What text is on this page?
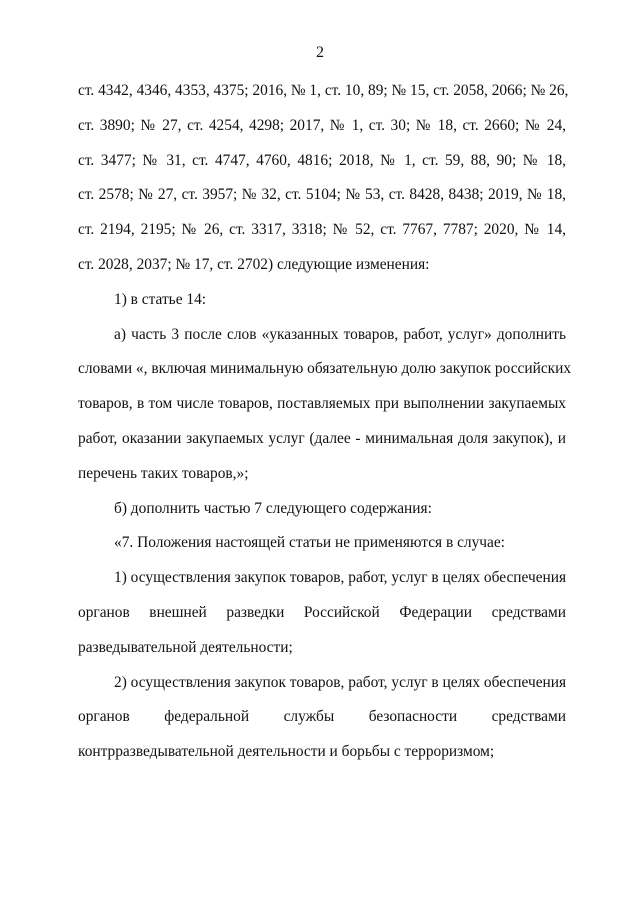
2
ст. 4342, 4346, 4353, 4375; 2016, № 1, ст. 10, 89; № 15, ст. 2058, 2066; № 26,
ст. 3890; № 27, ст. 4254, 4298; 2017, № 1, ст. 30; № 18, ст. 2660; № 24,
ст. 3477; № 31, ст. 4747, 4760, 4816; 2018, № 1, ст. 59, 88, 90; № 18,
ст. 2578; № 27, ст. 3957; № 32, ст. 5104; № 53, ст. 8428, 8438; 2019, № 18,
ст. 2194, 2195; № 26, ст. 3317, 3318; № 52, ст. 7767, 7787; 2020, № 14,
ст. 2028, 2037; № 17, ст. 2702) следующие изменения:
1) в статье 14:
а) часть 3 после слов «указанных товаров, работ, услуг» дополнить
словами «, включая минимальную обязательную долю закупок российских
товаров, в том числе товаров, поставляемых при выполнении закупаемых
работ, оказании закупаемых услуг (далее - минимальная доля закупок), и
перечень таких товаров,»;
б) дополнить частью 7 следующего содержания:
«7. Положения настоящей статьи не применяются в случае:
1) осуществления закупок товаров, работ, услуг в целях обеспечения
органов внешней разведки Российской Федерации средствами
разведывательной деятельности;
2) осуществления закупок товаров, работ, услуг в целях обеспечения
органов федеральной службы безопасности средствами
контрразведывательной деятельности и борьбы с терроризмом;
